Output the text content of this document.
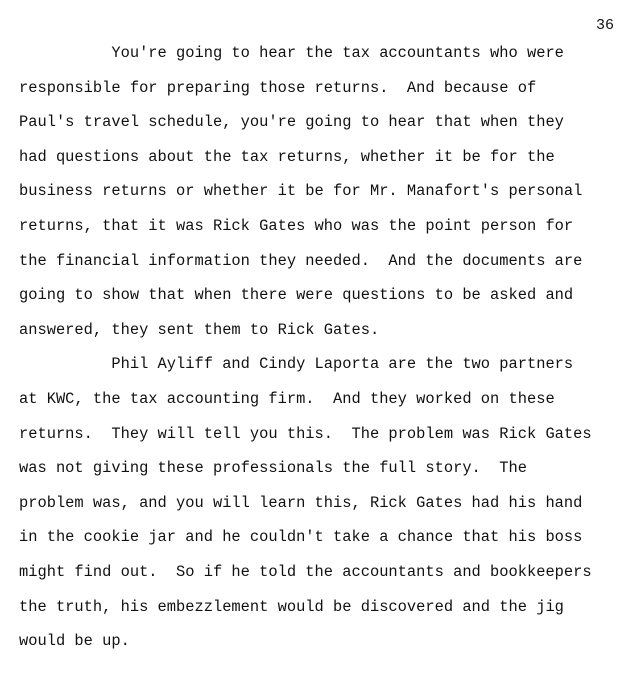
36
You're going to hear the tax accountants who were
responsible for preparing those returns.  And because of
Paul's travel schedule, you're going to hear that when they
had questions about the tax returns, whether it be for the
business returns or whether it be for Mr. Manafort's personal
returns, that it was Rick Gates who was the point person for
the financial information they needed.  And the documents are
going to show that when there were questions to be asked and
answered, they sent them to Rick Gates.
Phil Ayliff and Cindy Laporta are the two partners
at KWC, the tax accounting firm.  And they worked on these
returns.  They will tell you this.  The problem was Rick Gates
was not giving these professionals the full story.  The
problem was, and you will learn this, Rick Gates had his hand
in the cookie jar and he couldn't take a chance that his boss
might find out.  So if he told the accountants and bookkeepers
the truth, his embezzlement would be discovered and the jig
would be up.
